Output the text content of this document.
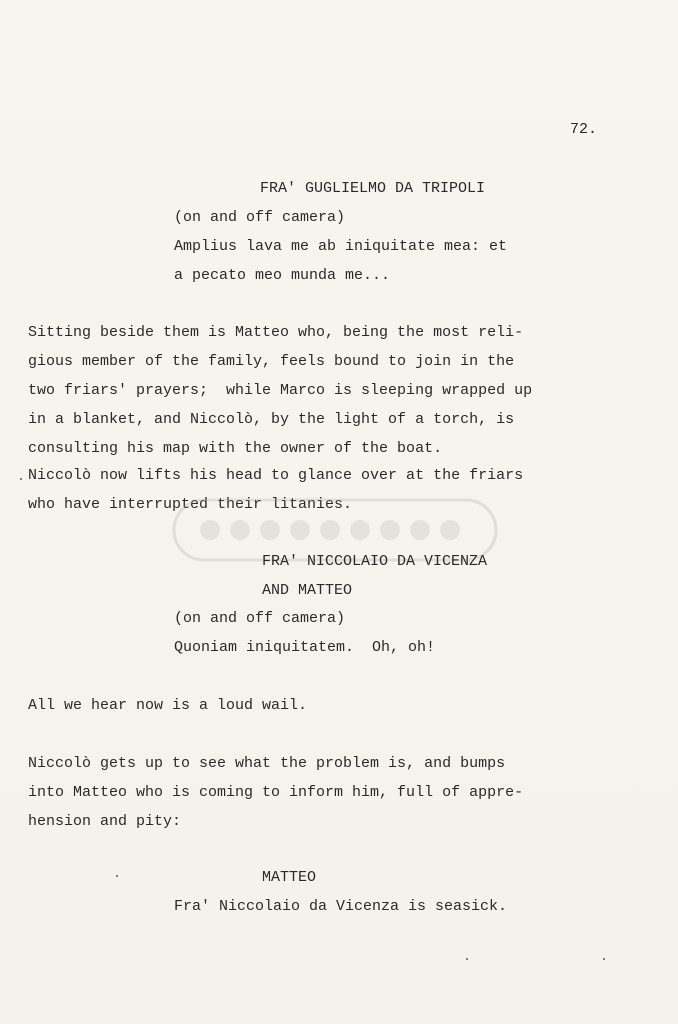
72.
FRA' GUGLIELMO DA TRIPOLI
(on and off camera)
Amplius lava me ab iniquitate mea: et
a pecato meo munda me...
Sitting beside them is Matteo who, being the most reli-
gious member of the family, feels bound to join in the
two friars' prayers;  while Marco is sleeping wrapped up
in a blanket, and Niccolò, by the light of a torch, is
consulting his map with the owner of the boat.
Niccolò now lifts his head to glance over at the friars
who have interrupted their litanies.
FRA' NICCOLAIO DA VICENZA
AND MATTEO
(on and off camera)
Quoniam iniquitatem.  Oh, oh!
All we hear now is a loud wail.
Niccolò gets up to see what the problem is, and bumps
into Matteo who is coming to inform him, full of appre-
hension and pity:
MATTEO
Fra' Niccolaio da Vicenza is seasick.
